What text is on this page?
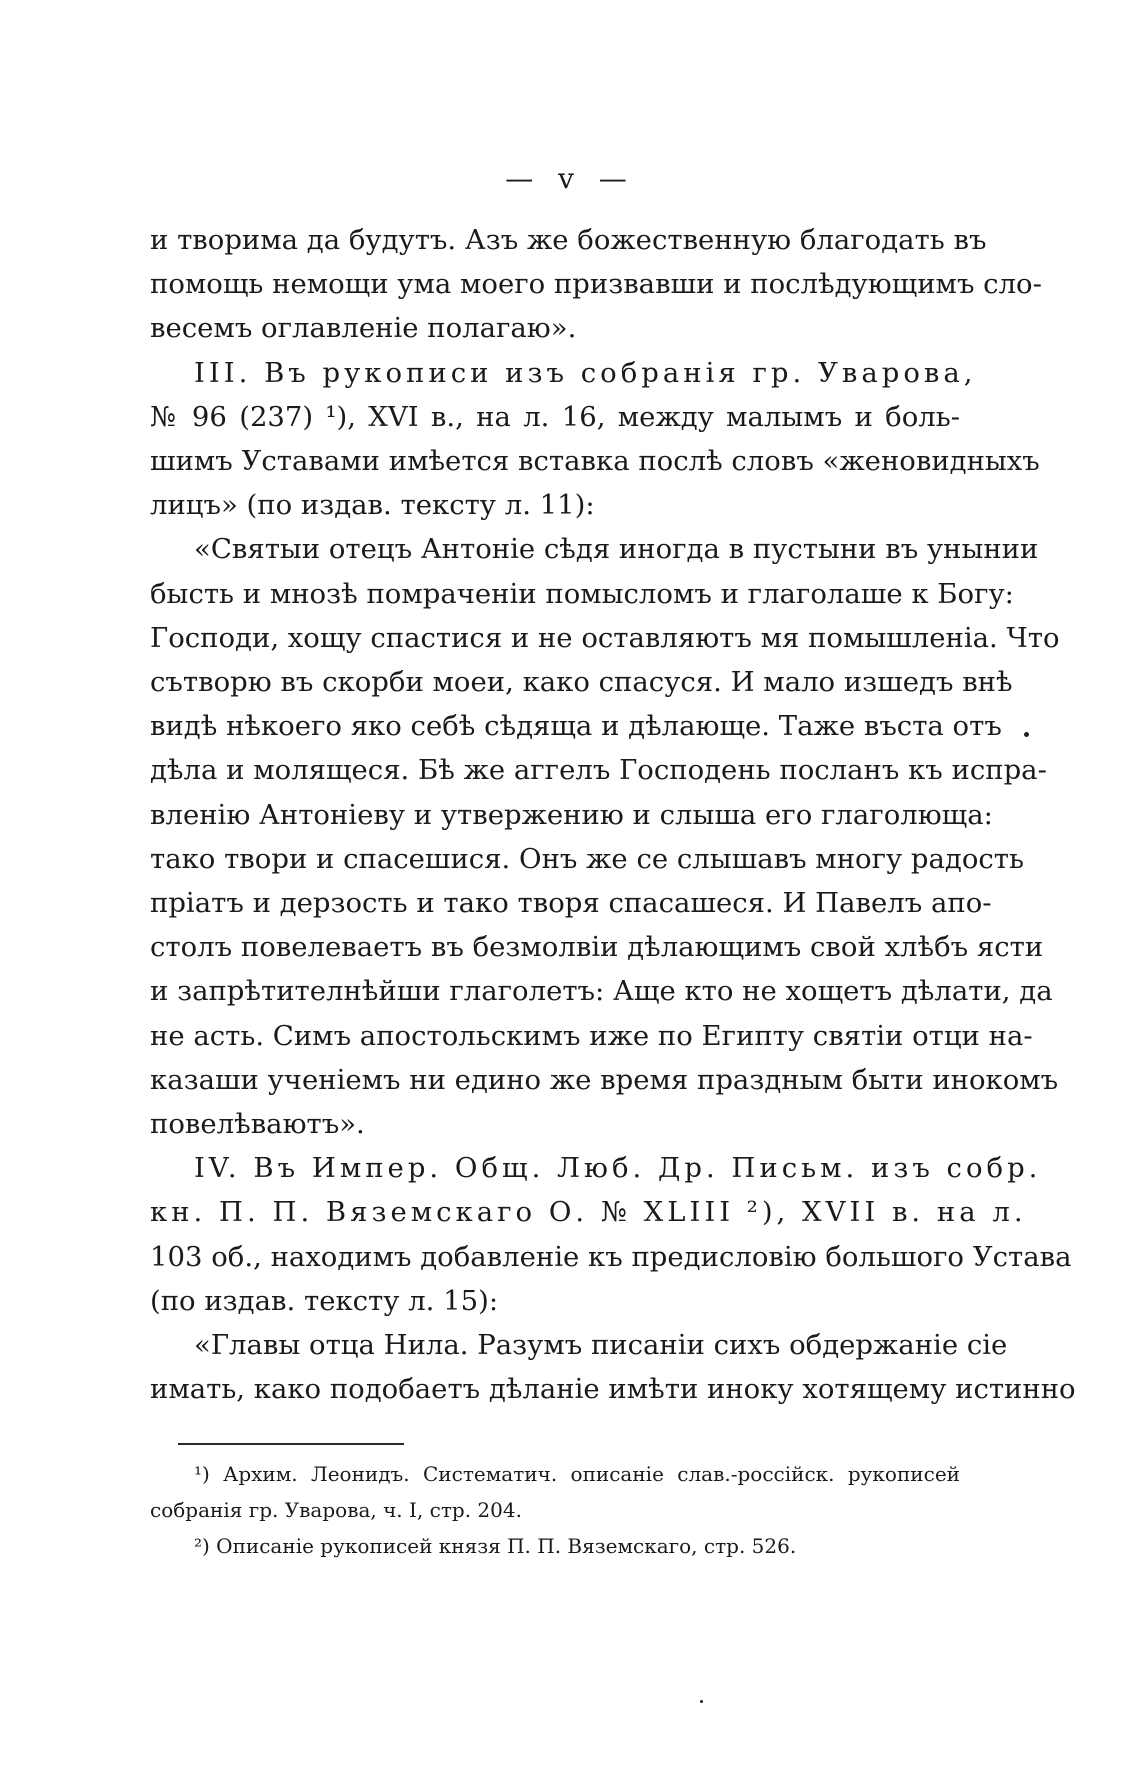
— v —
и творима да будутъ. Азъ же божественную благодать въ
помощь немощи ума моего призвавши и послѣдующимъ сло-
весемъ оглавленіе полагаю».
III. Въ рукописи изъ собранія гр. Уварова,
№ 96 (237) ¹), XVI в., на л. 16, между малымъ и боль-
шимъ Уставами имѣется вставка послѣ словъ «женовидныхъ
лицъ» (по издав. тексту л. 11):
«Святыи отецъ Антоніе сѣдя иногда в пустыни въ унынии
бысть и мнозѣ помраченіи помысломъ и глаголаше к Богу:
Господи, хощу спастися и не оставляютъ мя помышленіа. Что
сътворю въ скорби моеи, како спасуся. И мало изшедъ внѣ
видѣ нѣкоего яко себѣ сѣдяща и дѣлающе. Таже въста отъ
дѣла и молящеся. Бѣ же аггелъ Господень посланъ къ испра-
вленію Антоніеву и утвержению и слыша его глаголюща:
тако твори и спасешися. Онъ же се слышавъ многу радость
пріатъ и дерзость и тако творя спасашеся. И Павелъ апо-
столъ повелеваетъ въ безмолвіи дѣлающимъ свой хлѣбъ ясти
и запрѣтителнѣйши глаголетъ: Аще кто не хощетъ дѣлати, да
не асть. Симъ апостольскимъ иже по Египту святіи отци на-
казаши ученіемъ ни едино же время праздным быти инокомъ
повелѣваютъ».
IV. Въ Импер. Общ. Люб. Др. Письм. изъ собр.
кн. П. П. Вяземскаго О. № XLIII ²), XVII в. на л.
103 об., находимъ добавленіе къ предисловію большого Устава
(по издав. тексту л. 15):
«Главы отца Нила. Разумъ писаніи сихъ обдержаніе сіе
имать, како подобаетъ дѣланіе имѣти иноку хотящему истинно
¹) Архим. Леонидъ. Систематич. описаніе слав.-россійск. рукописей
собранія гр. Уварова, ч. I, стр. 204.
²) Описаніе рукописей князя П. П. Вяземскаго, стр. 526.
